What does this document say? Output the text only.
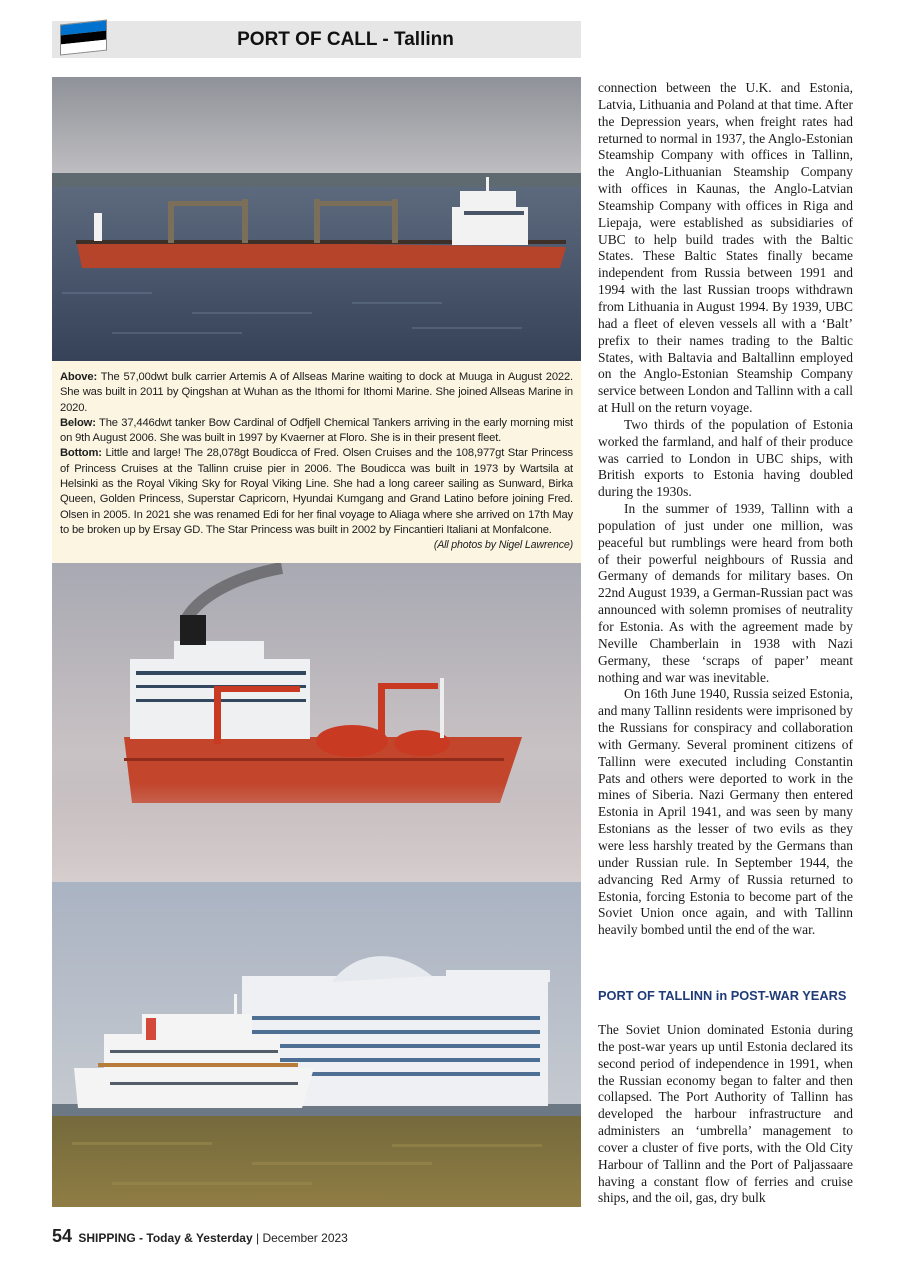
PORT OF CALL - Tallinn

Above: The 57,00dwt bulk carrier Artemis A of Allseas Marine waiting to dock at Muuga in August 2022. She was built in 2011 by Qingshan at Wuhan as the Ithomi for Ithomi Marine. She joined Allseas Marine in 2020.

Below: The 37,446dwt tanker Bow Cardinal of Odfjell Chemical Tankers arriving in the early morning mist on 9th August 2006. She was built in 1997 by Kvaerner at Floro. She is in their present fleet.

Bottom: Little and large! The 28,078gt Boudicca of Fred. Olsen Cruises and the 108,977gt Star Princess of Princess Cruises at the Tallinn cruise pier in 2006. The Boudicca was built in 1973 by Wartsila at Helsinki as the Royal Viking Sky for Royal Viking Line. She had a long career sailing as Sunward, Birka Queen, Golden Princess, Superstar Capricorn, Hyundai Kumgang and Grand Latino before joining Fred. Olsen in 2005. In 2021 she was renamed Edi for her final voyage to Aliaga where she arrived on 17th May to be broken up by Ersay GD. The Star Princess was built in 2002 by Fincantieri Italiani at Monfalcone.

(All photos by Nigel Lawrence)

connection between the U.K. and Estonia, Latvia, Lithuania and Poland at that time. After the Depression years, when freight rates had returned to normal in 1937, the Anglo-Estonian Steamship Company with offices in Tallinn, the Anglo-Lithuanian Steamship Company with offices in Kaunas, the Anglo-Latvian Steamship Company with offices in Riga and Liepaja, were established as subsidiaries of UBC to help build trades with the Baltic States. These Baltic States finally became independent from Russia between 1991 and 1994 with the last Russian troops withdrawn from Lithuania in August 1994. By 1939, UBC had a fleet of eleven vessels all with a ‘Balt’ prefix to their names trading to the Baltic States, with Baltavia and Baltallinn employed on the Anglo-Estonian Steamship Company service between London and Tallinn with a call at Hull on the return voyage.

Two thirds of the population of Estonia worked the farmland, and half of their produce was carried to London in UBC ships, with British exports to Estonia having doubled during the 1930s.

In the summer of 1939, Tallinn with a population of just under one million, was peaceful but rumblings were heard from both of their powerful neighbours of Russia and Germany of demands for military bases. On 22nd August 1939, a German-Russian pact was announced with solemn promises of neutrality for Estonia. As with the agreement made by Neville Chamberlain in 1938 with Nazi Germany, these ‘scraps of paper’ meant nothing and war was inevitable.

On 16th June 1940, Russia seized Estonia, and many Tallinn residents were imprisoned by the Russians for conspiracy and collaboration with Germany. Several prominent citizens of Tallinn were executed including Constantin Pats and others were deported to work in the mines of Siberia. Nazi Germany then entered Estonia in April 1941, and was seen by many Estonians as the lesser of two evils as they were less harshly treated by the Germans than under Russian rule. In September 1944, the advancing Red Army of Russia returned to Estonia, forcing Estonia to become part of the Soviet Union once again, and with Tallinn heavily bombed until the end of the war.

PORT OF TALLINN in POST-WAR YEARS

The Soviet Union dominated Estonia during the post-war years up until Estonia declared its second period of independence in 1991, when the Russian economy began to falter and then collapsed. The Port Authority of Tallinn has developed the harbour infrastructure and administers an ‘umbrella’ management to cover a cluster of five ports, with the Old City Harbour of Tallinn and the Port of Paljassaare having a constant flow of ferries and cruise ships, and the oil, gas, dry bulk

54 SHIPPING - Today & Yesterday | December 2023
